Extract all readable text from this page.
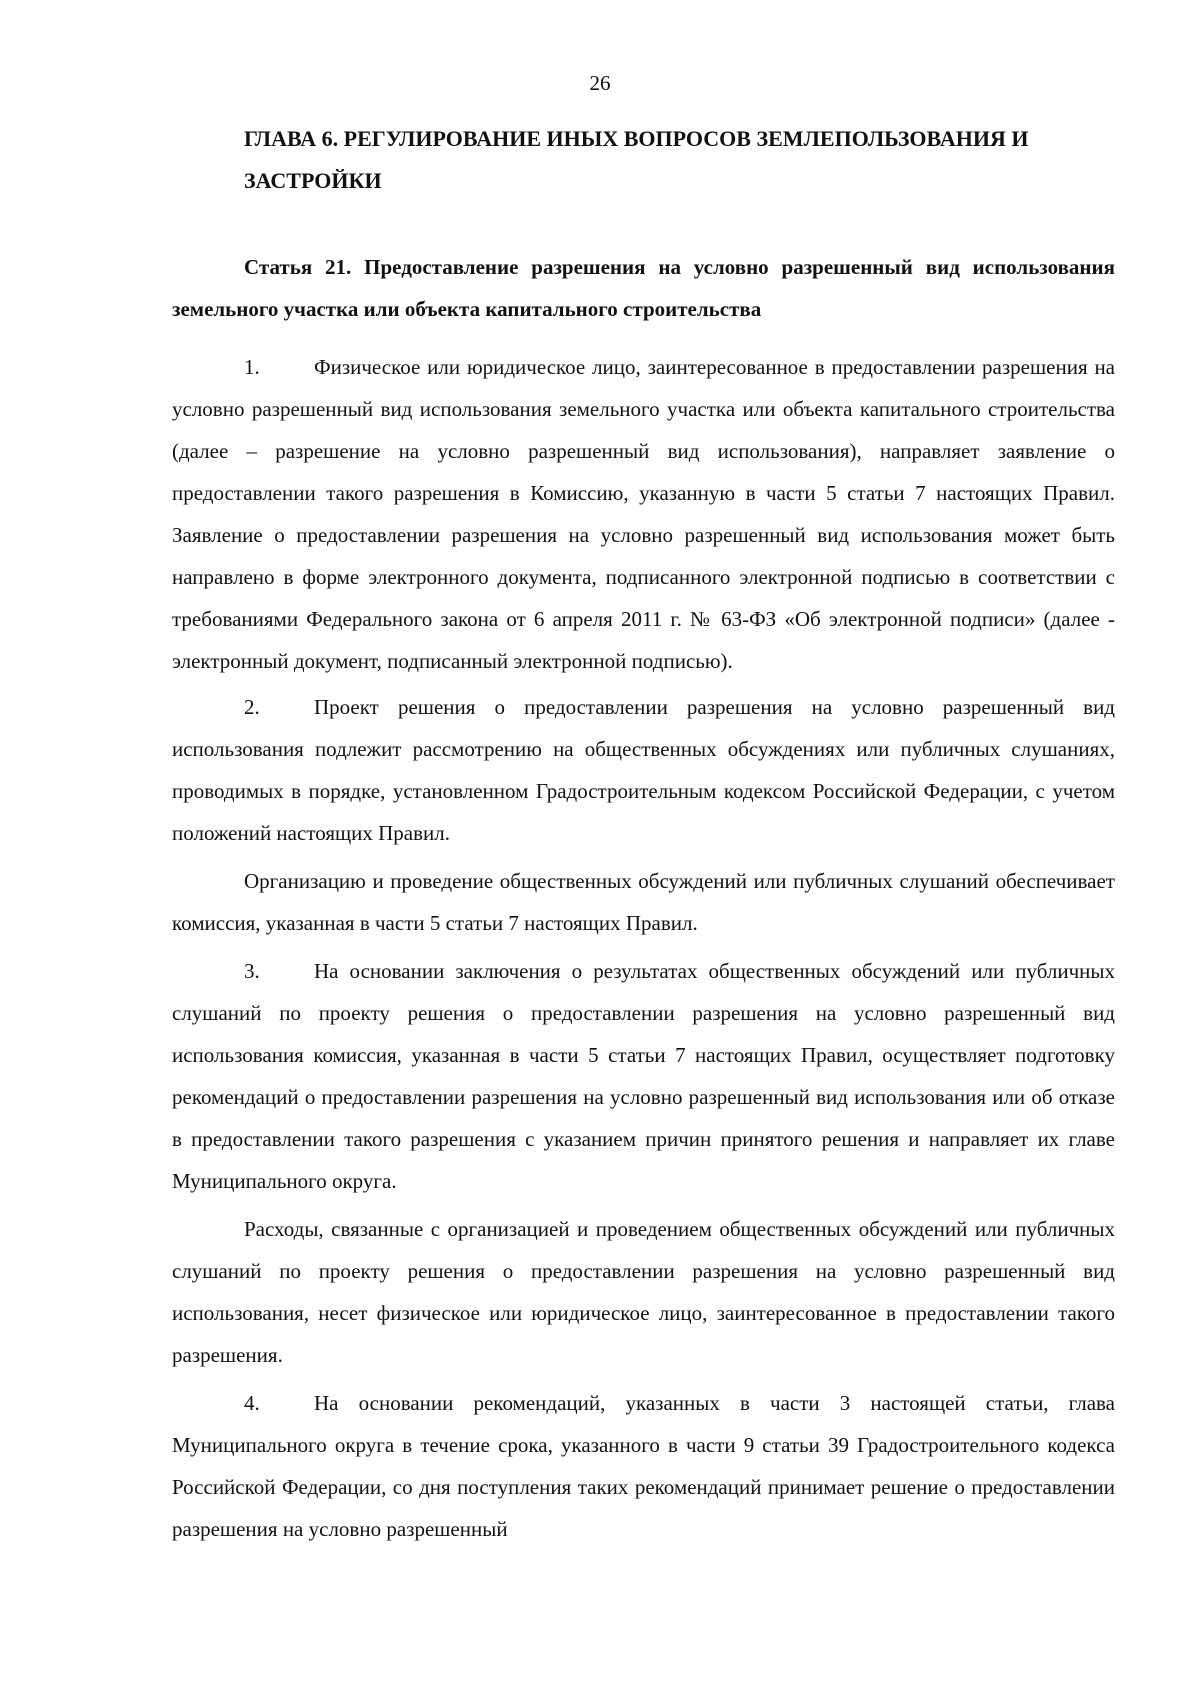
26
ГЛАВА 6. РЕГУЛИРОВАНИЕ ИНЫХ ВОПРОСОВ ЗЕМЛЕПОЛЬЗОВАНИЯ И ЗАСТРОЙКИ
Статья 21. Предоставление разрешения на условно разрешенный вид использования земельного участка или объекта капитального строительства

1.	Физическое или юридическое лицо, заинтересованное в предоставлении разрешения на условно разрешенный вид использования земельного участка или объекта капитального строительства (далее – разрешение на условно разрешенный вид использования), направляет заявление о предоставлении такого разрешения в Комиссию, указанную в части 5 статьи 7 настоящих Правил. Заявление о предоставлении разрешения на условно разрешенный вид использования может быть направлено в форме электронного документа, подписанного электронной подписью в соответствии с требованиями Федерального закона от 6 апреля 2011 г. № 63-ФЗ «Об электронной подписи» (далее - электронный документ, подписанный электронной подписью).

2.	Проект решения о предоставлении разрешения на условно разрешенный вид использования подлежит рассмотрению на общественных обсуждениях или публичных слушаниях, проводимых в порядке, установленном Градостроительным кодексом Российской Федерации, с учетом положений настоящих Правил.

Организацию и проведение общественных обсуждений или публичных слушаний обеспечивает комиссия, указанная в части 5 статьи 7 настоящих Правил.

3.	На основании заключения о результатах общественных обсуждений или публичных слушаний по проекту решения о предоставлении разрешения на условно разрешенный вид использования комиссия, указанная в части 5 статьи 7 настоящих Правил, осуществляет подготовку рекомендаций о предоставлении разрешения на условно разрешенный вид использования или об отказе в предоставлении такого разрешения с указанием причин принятого решения и направляет их главе Муниципального округа.

Расходы, связанные с организацией и проведением общественных обсуждений или публичных слушаний по проекту решения о предоставлении разрешения на условно разрешенный вид использования, несет физическое или юридическое лицо, заинтересованное в предоставлении такого разрешения.

4.	На основании рекомендаций, указанных в части 3 настоящей статьи, глава Муниципального округа в течение срока, указанного в части 9 статьи 39 Градостроительного кодекса Российской Федерации, со дня поступления таких рекомендаций принимает решение о предоставлении разрешения на условно разрешенный
